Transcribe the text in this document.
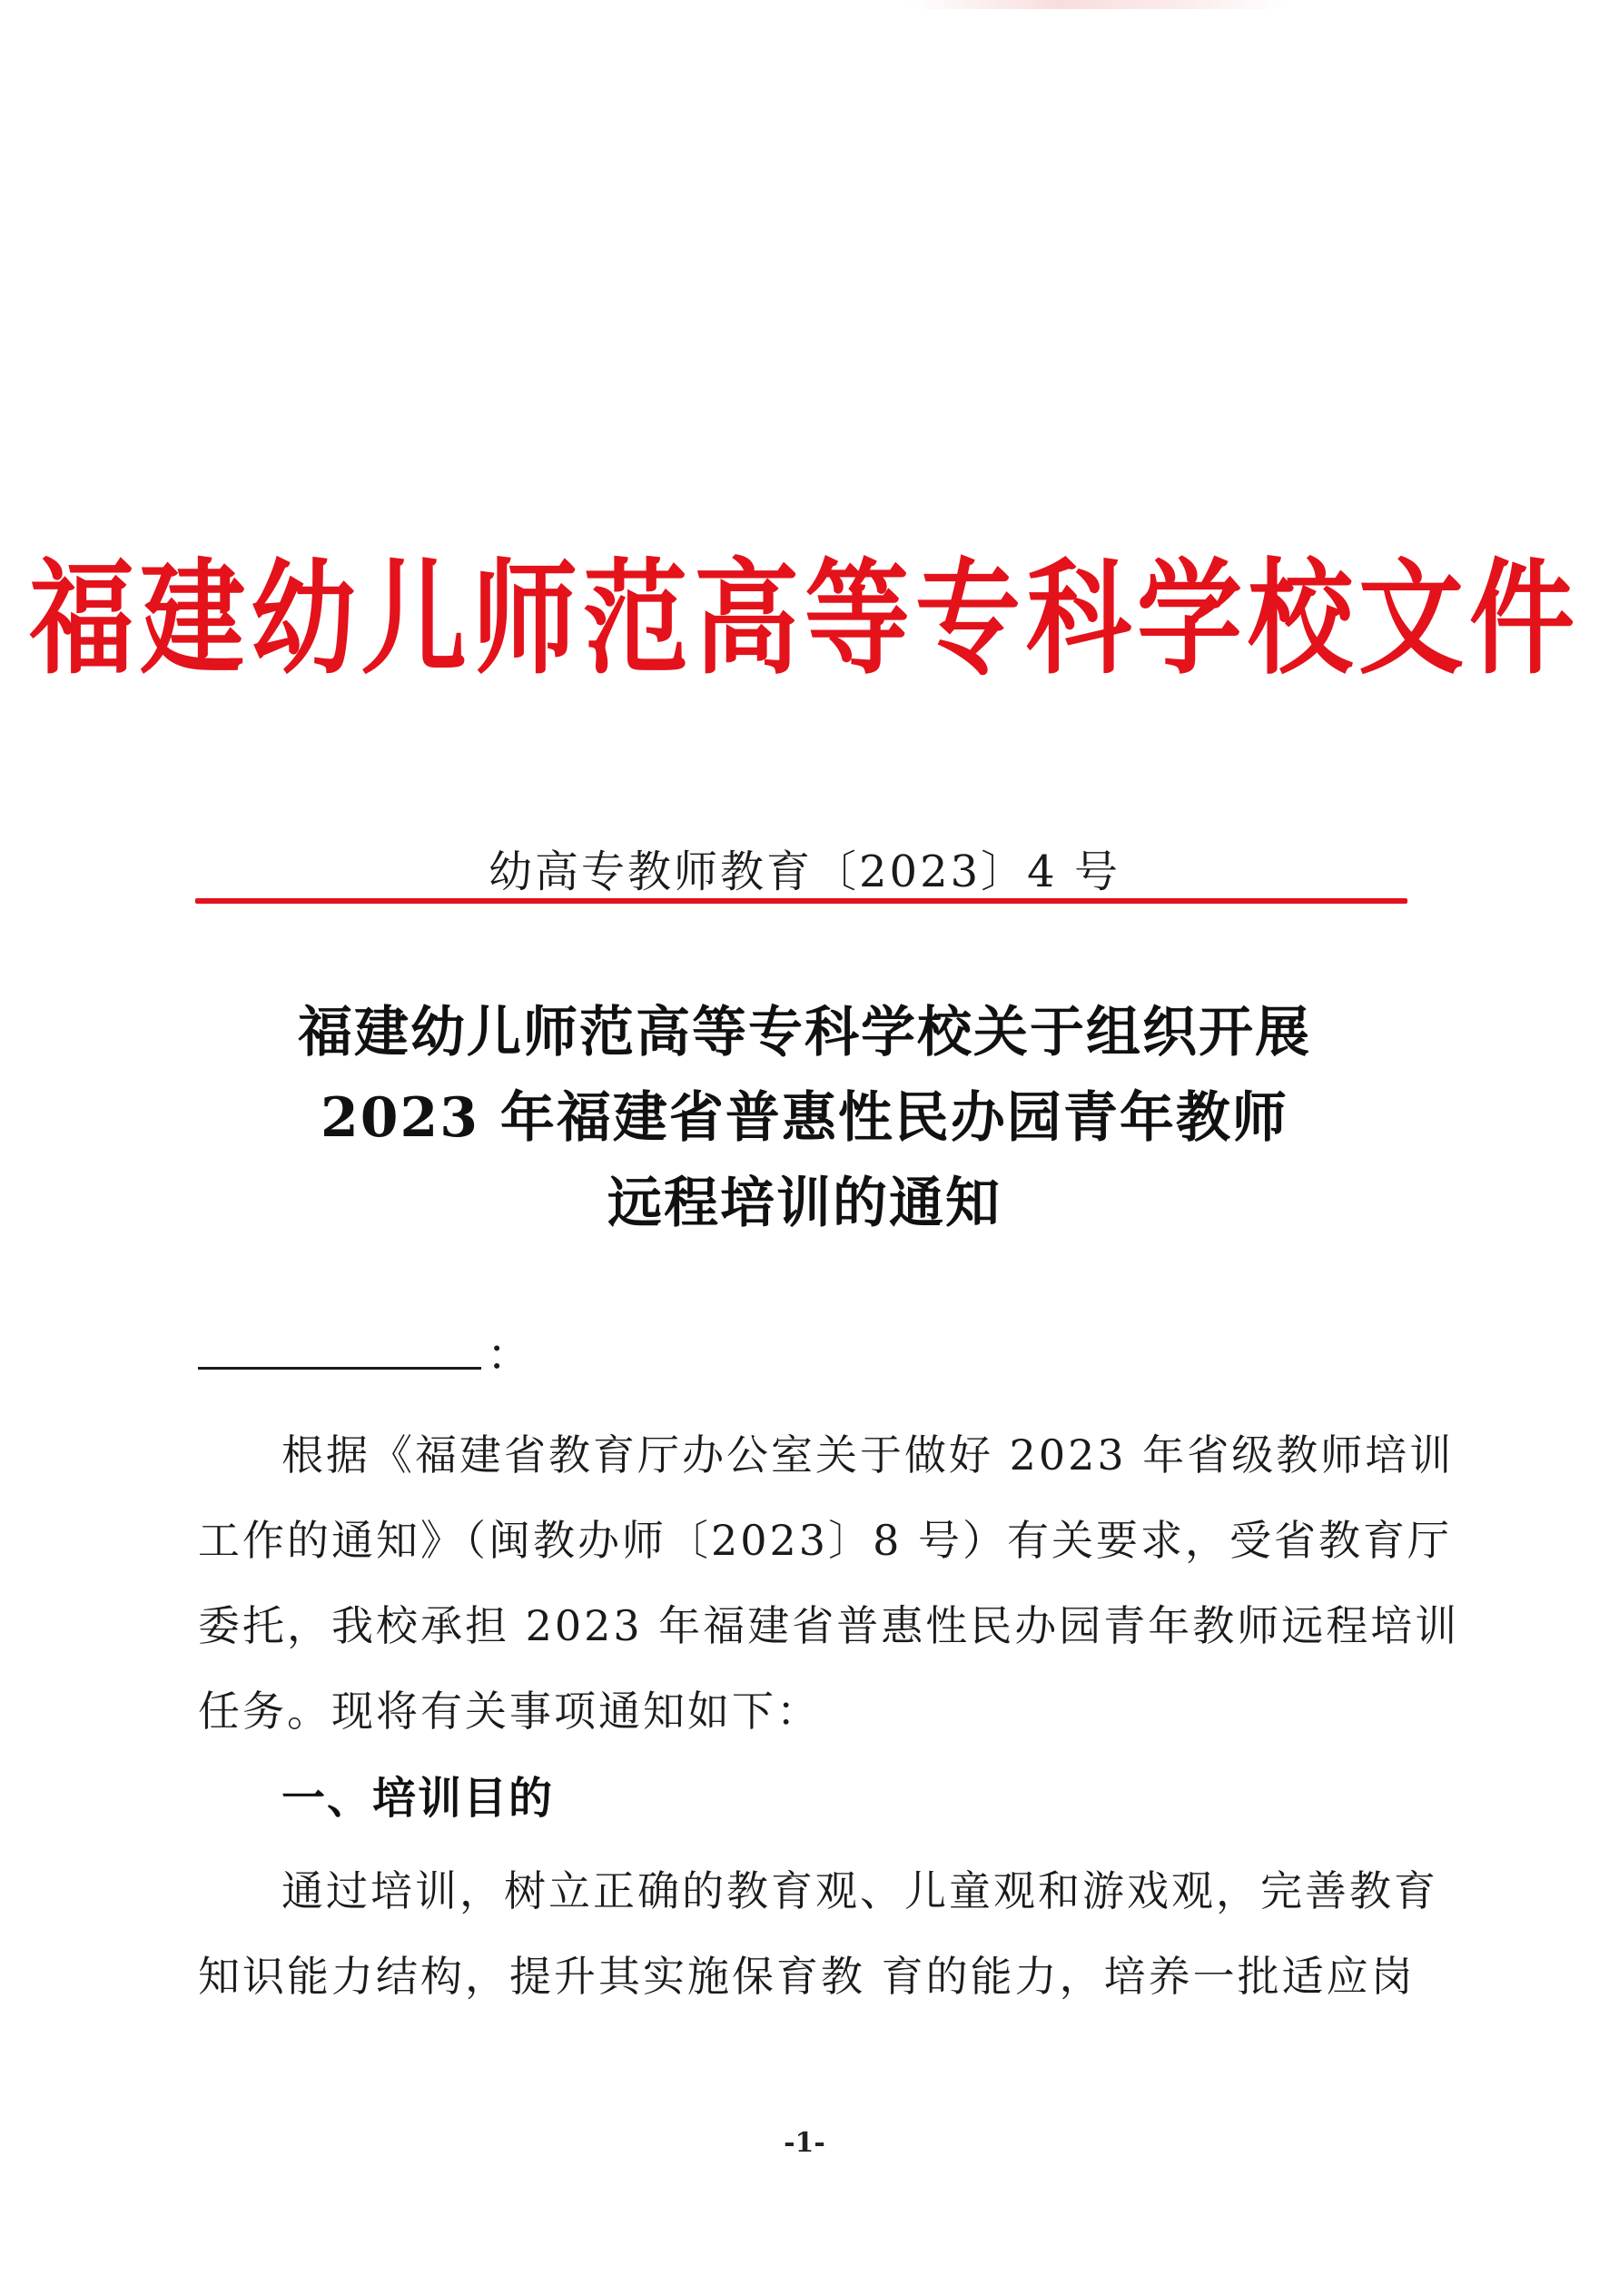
福建幼儿师范高等专科学校文件
幼高专教师教育〔2023〕4 号
福建幼儿师范高等专科学校关于组织开展
2023 年福建省普惠性民办园青年教师
远程培训的通知
：
根据《福建省教育厅办公室关于做好 2023 年省级教师培训
工作的通知》（闽教办师〔2023〕8 号）有关要求，受省教育厅
委托，我校承担 2023 年福建省普惠性民办园青年教师远程培训
任务。现将有关事项通知如下：
一、培训目的
通过培训，树立正确的教育观、儿童观和游戏观，完善教育
知识能力结构，提升其实施保育教 育的能力，培养一批适应岗
-1-
